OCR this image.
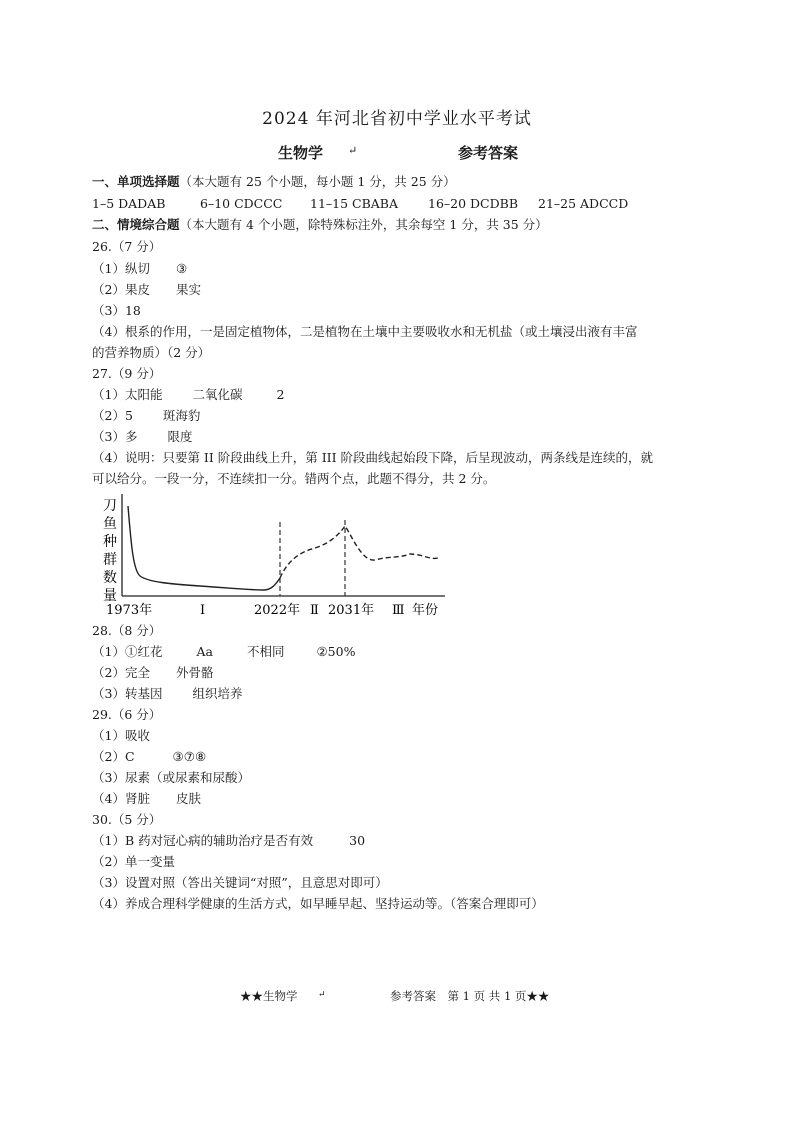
2024 年河北省初中学业水平考试
生物学 ↵	参考答案
一、单项选择题（本大题有 25 个小题，每小题 1 分，共 25 分）
1–5 DADAB	6–10 CDCCC 11–15 CBABA 16–20 DCDBB 21–25 ADCCD
二、情境综合题（本大题有 4 个小题，除特殊标注外，其余每空 1 分，共 35 分）
26.（7 分）
（1）纵切 ③
（2）果皮 果实
（3）18
（4）根系的作用，一是固定植物体，二是植物在土壤中主要吸收水和无机盐（或土壤浸出液有丰富
的营养物质）（2 分）
27.（9 分）
（1）太阳能 二氧化碳	2
（2）5 斑海豹
（3）多 限度
（4）说明：只要第 II 阶段曲线上升，第 III 阶段曲线起始段下降，后呈现波动，两条线是连续的，就
可以给分。一段一分，不连续扣一分。错两个点，此题不得分，共 2 分。
刀
鱼
种
群
数
量
1973年	Ⅰ	2022年 Ⅱ 2031年 Ⅲ 年份
28.（8 分）
（1）①红花	Aa	不相同	②50%
（2）完全 外骨骼
（3）转基因 组织培养
29.（6 分）
（1）吸收
（2）C	③⑦⑧
（3）尿素（或尿素和尿酸）
（4）肾脏 皮肤
30.（5 分）
（1）B 药对冠心病的辅助治疗是否有效	30
（2）单一变量
（3）设置对照（答出关键词“对照”，且意思对即可）
（4）养成合理科学健康的生活方式，如早睡早起、坚持运动等。（答案合理即可）
★★生物学 ↵	参考答案　第 1 页 共 1 页★★
